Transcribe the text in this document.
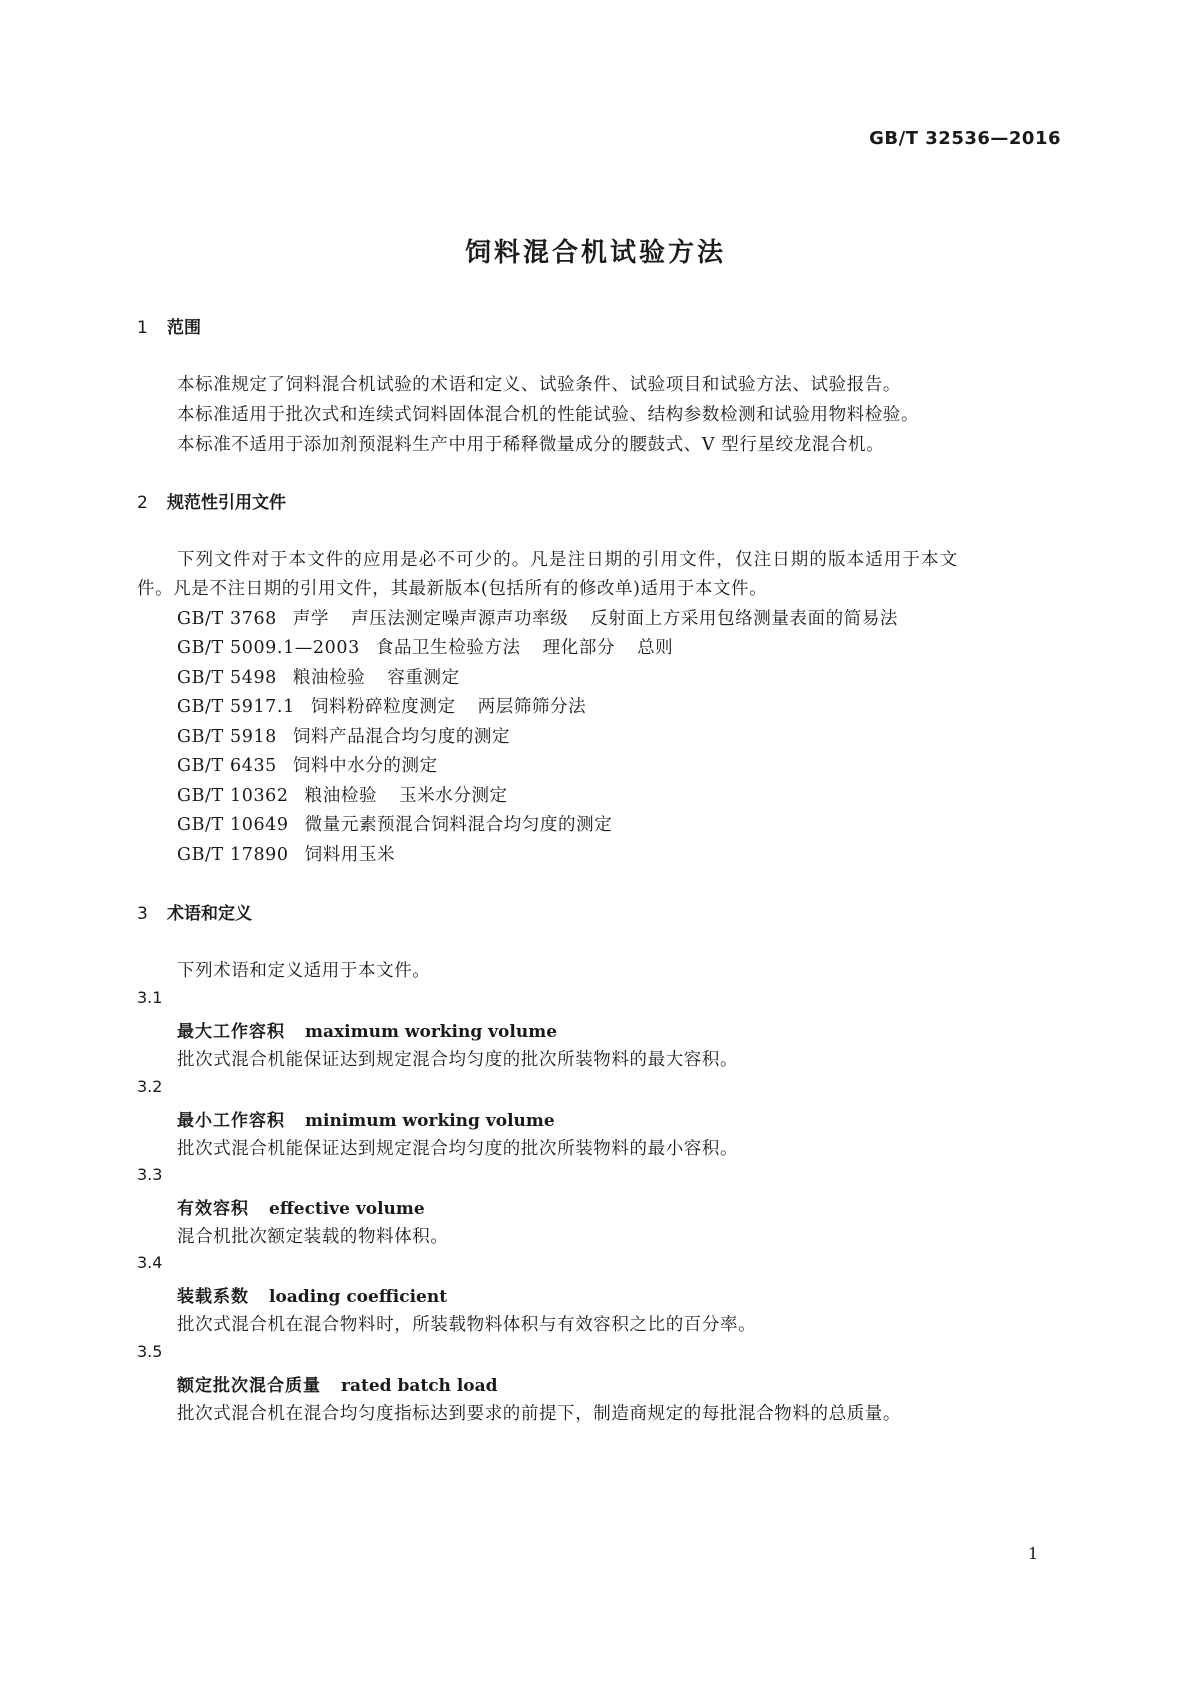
GB/T 32536—2016
饲料混合机试验方法
1 范围
本标准规定了饲料混合机试验的术语和定义、试验条件、试验项目和试验方法、试验报告。
本标准适用于批次式和连续式饲料固体混合机的性能试验、结构参数检测和试验用物料检验。
本标准不适用于添加剂预混料生产中用于稀释微量成分的腰鼓式、V 型行星绞龙混合机。
2 规范性引用文件
下列文件对于本文件的应用是必不可少的。凡是注日期的引用文件，仅注日期的版本适用于本文
件。凡是不注日期的引用文件，其最新版本(包括所有的修改单)适用于本文件。
GB/T 3768 声学 声压法测定噪声源声功率级 反射面上方采用包络测量表面的简易法
GB/T 5009.1—2003 食品卫生检验方法 理化部分 总则
GB/T 5498 粮油检验 容重测定
GB/T 5917.1 饲料粉碎粒度测定 两层筛筛分法
GB/T 5918 饲料产品混合均匀度的测定
GB/T 6435 饲料中水分的测定
GB/T 10362 粮油检验 玉米水分测定
GB/T 10649 微量元素预混合饲料混合均匀度的测定
GB/T 17890 饲料用玉米
3 术语和定义
下列术语和定义适用于本文件。
3.1
最大工作容积 maximum working volume
批次式混合机能保证达到规定混合均匀度的批次所装物料的最大容积。
3.2
最小工作容积 minimum working volume
批次式混合机能保证达到规定混合均匀度的批次所装物料的最小容积。
3.3
有效容积 effective volume
混合机批次额定装载的物料体积。
3.4
装载系数 loading coefficient
批次式混合机在混合物料时，所装载物料体积与有效容积之比的百分率。
3.5
额定批次混合质量 rated batch load
批次式混合机在混合均匀度指标达到要求的前提下，制造商规定的每批混合物料的总质量。
1
